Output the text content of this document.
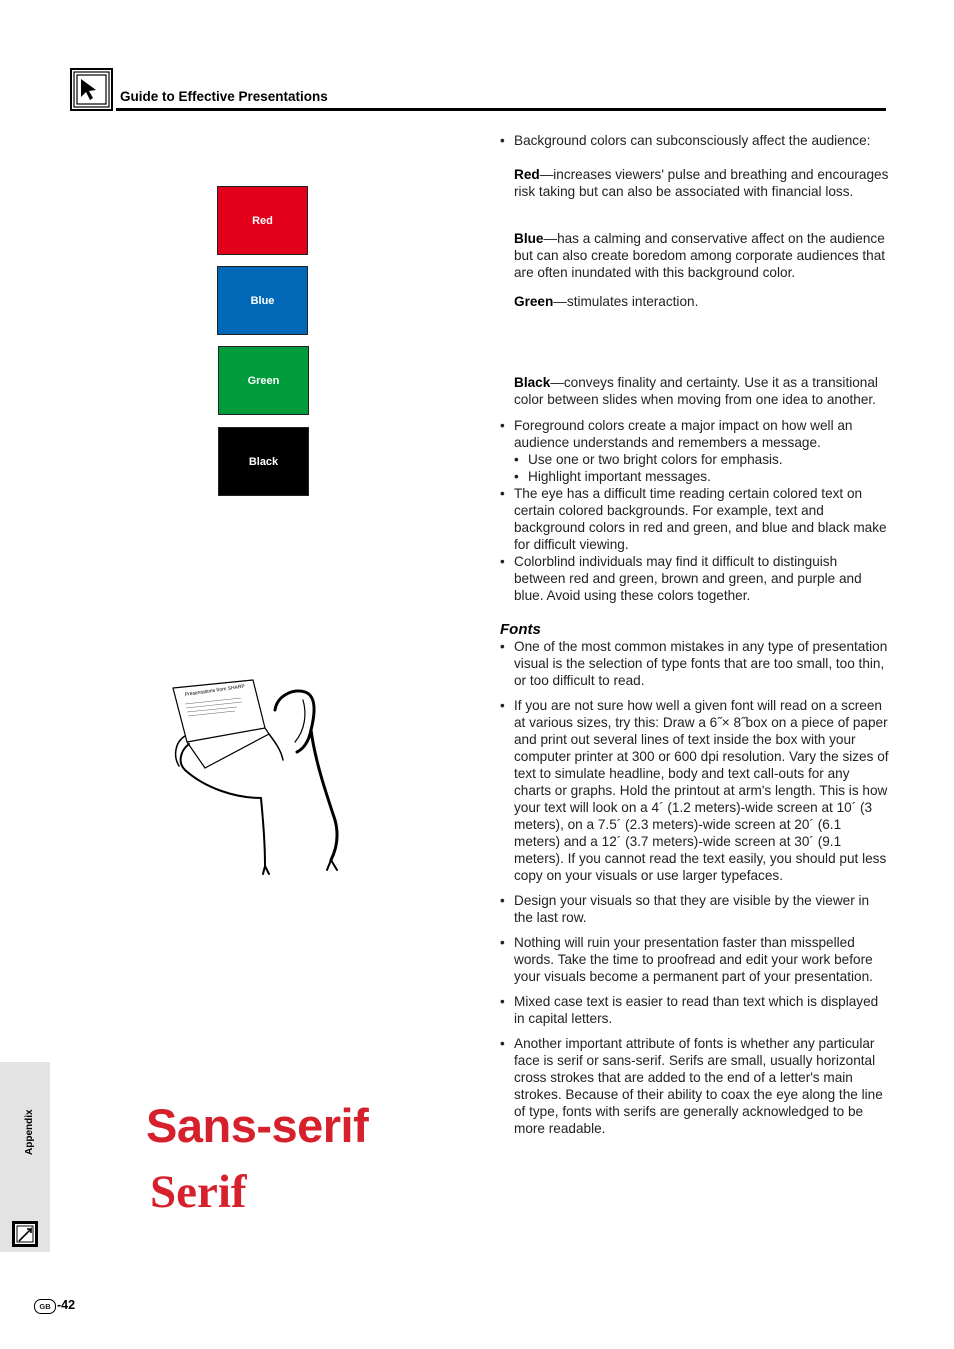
Guide to Effective Presentations
Red
Blue
Green
Black
Presentations from SHARP
• Background colors can subconsciously affect the audience:
Red—increases viewers' pulse and breathing and encourages risk taking but can also be associated with financial loss.
Blue—has a calming and conservative affect on the audience but can also create boredom among corporate audiences that are often inundated with this background color.
Green—stimulates interaction.
Black—conveys finality and certainty. Use it as a transitional color between slides when moving from one idea to another.
• Foreground colors create a major impact on how well an audience understands and remembers a message.
• Use one or two bright colors for emphasis.
• Highlight important messages.
• The eye has a difficult time reading certain colored text on certain colored backgrounds. For example, text and background colors in red and green, and blue and black make for difficult viewing.
• Colorblind individuals may find it difficult to distinguish between red and green, brown and green, and purple and blue. Avoid using these colors together.
Fonts
• One of the most common mistakes in any type of presentation visual is the selection of type fonts that are too small, too thin, or too difficult to read.
• If you are not sure how well a given font will read on a screen at various sizes, try this: Draw a 6˝× 8˝box on a piece of paper and print out several lines of text inside the box with your computer printer at 300 or 600 dpi resolution. Vary the sizes of text to simulate headline, body and text call-outs for any charts or graphs. Hold the printout at arm's length. This is how your text will look on a 4´ (1.2 meters)-wide screen at 10´ (3 meters), on a 7.5´ (2.3 meters)-wide screen at 20´ (6.1 meters) and a 12´ (3.7 meters)-wide screen at 30´ (9.1 meters). If you cannot read the text easily, you should put less copy on your visuals or use larger typefaces.
• Design your visuals so that they are visible by the viewer in the last row.
• Nothing will ruin your presentation faster than misspelled words. Take the time to proofread and edit your work before your visuals become a permanent part of your presentation.
• Mixed case text is easier to read than text which is displayed in capital letters.
• Another important attribute of fonts is whether any particular face is serif or sans-serif. Serifs are small, usually horizontal cross strokes that are added to the end of a letter's main strokes. Because of their ability to coax the eye along the line of type, fonts with serifs are generally acknowledged to be more readable.
Sans-serif
Serif
Appendix
GB -42
